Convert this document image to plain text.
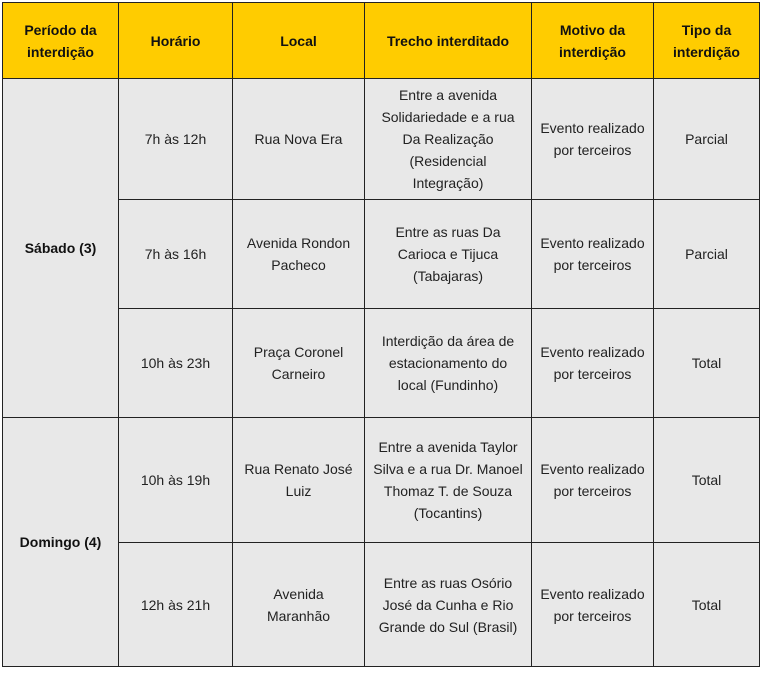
Período da interdição	Horário	Local	Trecho interditado	Motivo da interdição	Tipo da interdição
Sábado (3)	7h às 12h	Rua Nova Era	Entre a avenida Solidariedade e a rua Da Realização (Residencial Integração)	Evento realizado por terceiros	Parcial
	7h às 16h	Avenida Rondon Pacheco	Entre as ruas Da Carioca e Tijuca (Tabajaras)	Evento realizado por terceiros	Parcial
	10h às 23h	Praça Coronel Carneiro	Interdição da área de estacionamento do local (Fundinho)	Evento realizado por terceiros	Total
Domingo (4)	10h às 19h	Rua Renato José Luiz	Entre a avenida Taylor Silva e a rua Dr. Manoel Thomaz T. de Souza (Tocantins)	Evento realizado por terceiros	Total
	12h às 21h	Avenida Maranhão	Entre as ruas Osório José da Cunha e Rio Grande do Sul (Brasil)	Evento realizado por terceiros	Total
